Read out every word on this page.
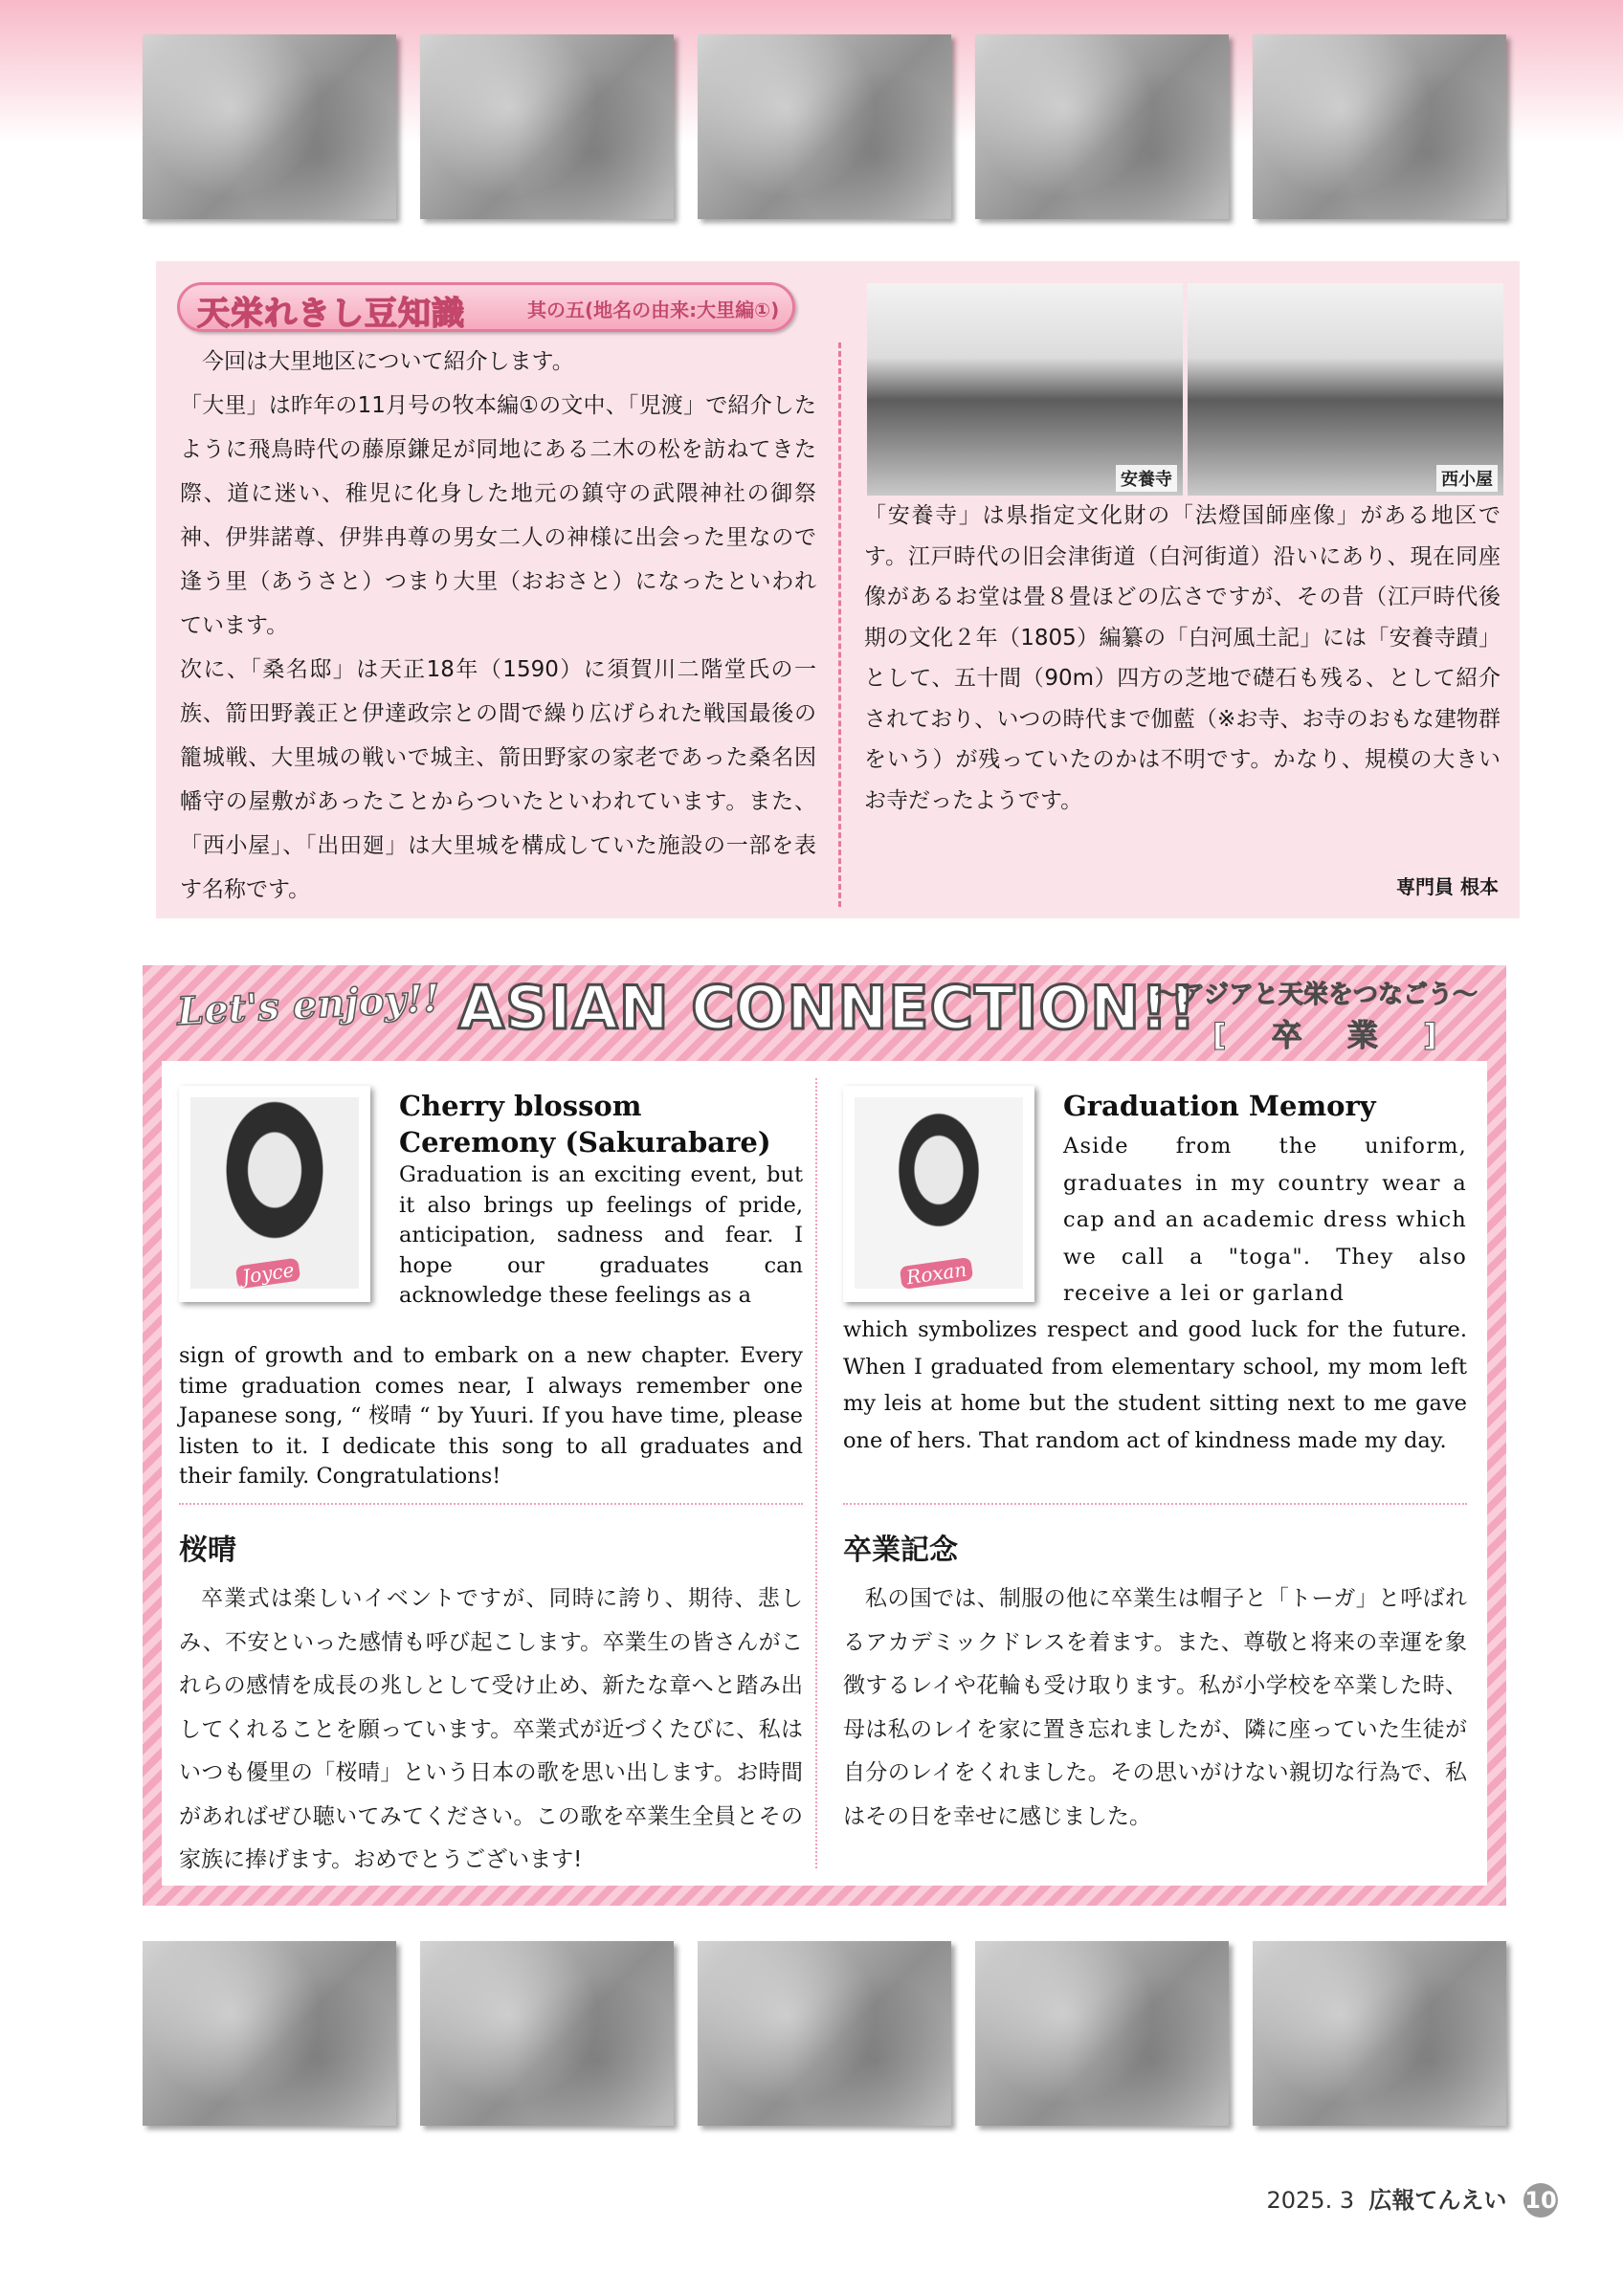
天栄れきし豆知識	其の五(地名の由来:大里編①)

今回は大里地区について紹介します。

「大里」は昨年の11月号の牧本編①の文中、「児渡」で紹介したように飛鳥時代の藤原鎌足が同地にある二木の松を訪ねてきた際、道に迷い、稚児に化身した地元の鎮守の武隈神社の御祭神、伊弉諾尊、伊弉冉尊の男女二人の神様に出会った里なので逢う里（あうさと）つまり大里（おおさと）になったといわれています。

次に、「桑名邸」は天正18年（1590）に須賀川二階堂氏の一族、箭田野義正と伊達政宗との間で繰り広げられた戦国最後の籠城戦、大里城の戦いで城主、箭田野家の家老であった桑名因幡守の屋敷があったことからついたといわれています。また、「西小屋」、「出田廻」は大里城を構成していた施設の一部を表す名称です。

安養寺	西小屋

「安養寺」は県指定文化財の「法燈国師座像」がある地区です。江戸時代の旧会津街道（白河街道）沿いにあり、現在同座像があるお堂は畳８畳ほどの広さですが、その昔（江戸時代後期の文化２年（1805）編纂の「白河風土記」には「安養寺蹟」として、五十間（90m）四方の芝地で礎石も残る、として紹介されており、いつの時代まで伽藍（※お寺、お寺のおもな建物群をいう）が残っていたのかは不明です。かなり、規模の大きいお寺だったようです。

専門員 根本
Let's enjoy!! ASIAN CONNECTION!!
～アジアと天栄をつなごう～
[ 卒 業 ]
Joyce
Cherry blossom Ceremony (Sakurabare)
Graduation is an exciting event, but it also brings up feelings of pride, anticipation, sadness and fear. I hope our graduates can acknowledge these feelings as a
sign of growth and to embark on a new chapter. Every time graduation comes near, I always remember one Japanese song, “ 桜晴 “ by Yuuri. If you have time, please listen to it. I dedicate this song to all graduates and their family. Congratulations!
桜晴
卒業式は楽しいイベントですが、同時に誇り、期待、悲しみ、不安といった感情も呼び起こします。卒業生の皆さんがこれらの感情を成長の兆しとして受け止め、新たな章へと踏み出してくれることを願っています。卒業式が近づくたびに、私はいつも優里の「桜晴」という日本の歌を思い出します。お時間があればぜひ聴いてみてください。この歌を卒業生全員とその家族に捧げます。おめでとうございます!
Roxan
Graduation Memory
Aside from the uniform, graduates in my country wear a cap and an academic dress which we call a "toga". They also receive a lei or garland
which symbolizes respect and good luck for the future. When I graduated from elementary school, my mom left my leis at home but the student sitting next to me gave one of hers. That random act of kindness made my day.
卒業記念
私の国では、制服の他に卒業生は帽子と「トーガ」と呼ばれるアカデミックドレスを着ます。また、尊敬と将来の幸運を象徴するレイや花輪も受け取ります。私が小学校を卒業した時、母は私のレイを家に置き忘れましたが、隣に座っていた生徒が自分のレイをくれました。その思いがけない親切な行為で、私はその日を幸せに感じました。
2025. 3 広報てんえい 10
